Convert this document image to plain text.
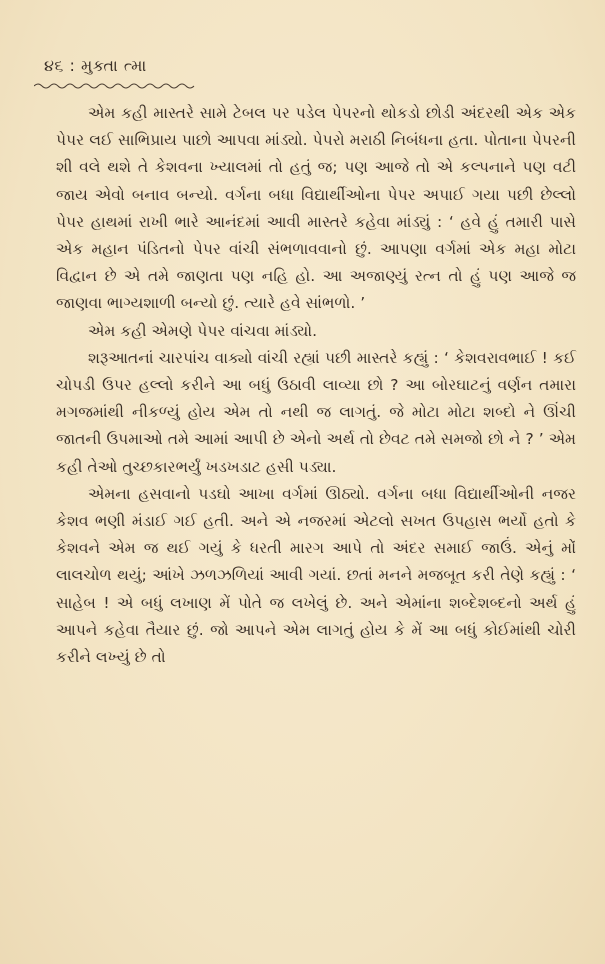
૪૬ : મુક્તા ત્મા

એમ કહી માસ્તરે સામે ટેબલ પર પડેલ પેપરનો થોકડો છોડી અંદરથી એક એક પેપર લઈ સાભિપ્રાય પાછો આપવા માંડ્યો. પેપરો મરાઠી નિબંધના હતા. પોતાના પેપરની શી વલે થશે તે કેશવના ખ્યાલમાં તો હતું જ; પણ આજે તો એ કલ્પનાને પણ વટી જાય એવો બનાવ બન્યો. વર્ગના બધા વિદ્યાર્થીઓના પેપર અપાઈ ગયા પછી છેલ્લો પેપર હાથમાં રાખી ભારે આનંદમાં આવી માસ્તરે કહેવા માંડ્યું : ‘ હવે હું તમારી પાસે એક મહાન પંડિતનો પેપર વાંચી સંભળાવવાનો છું. આપણા વર્ગમાં એક મહા મોટા વિદ્વાન છે એ તમે જાણતા પણ નહિ હો. આ અજાણ્યું રત્ન તો હું પણ આજે જ જાણવા ભાગ્યશાળી બન્યો છું. ત્યારે હવે સાંભળો. ’

એમ કહી એમણે પેપર વાંચવા માંડ્યો.

શરૂઆતનાં ચારપાંચ વાક્યો વાંચી રહ્યાં પછી માસ્તરે કહ્યું : ‘ કેશવરાવભાઈ ! કઈ ચોપડી ઉપર હલ્લો કરીને આ બધું ઉઠાવી લાવ્યા છો ? આ બોરઘાટનું વર્ણન તમારા મગજમાંથી નીકળ્યું હોય એમ તો નથી જ લાગતું. જે મોટા મોટા શબ્દો ને ઊંચી જાતની ઉપમાઓ તમે આમાં આપી છે એનો અર્થ તો છેવટ તમે સમજો છો ને ? ’ એમ કહી તેઓ તુચ્છકારભર્યું ખડખડાટ હસી પડ્યા.

એમના હસવાનો પડઘો આખા વર્ગમાં ઊઠ્યો. વર્ગના બધા વિદ્યાર્થીઓની નજર કેશવ ભણી મંડાઈ ગઈ હતી. અને એ નજરમાં એટલો સખત ઉપહાસ ભર્યો હતો કે કેશવને એમ જ થઈ ગયું કે ધરતી મારગ આપે તો અંદર સમાઈ જાઉં. એનું મોં લાલચોળ થયું; આંખે ઝળઝળિયાં આવી ગયાં. છતાં મનને મજબૂત કરી તેણે કહ્યું : ‘ સાહેબ ! એ બધું લખાણ મેં પોતે જ લખેલું છે. અને એમાંના શબ્દેશબ્દનો અર્થ હું આપને કહેવા તૈયાર છું. જો આપને એમ લાગતું હોય કે મેં આ બધું કોઈમાંથી ચોરી કરીને લખ્યું છે તો
